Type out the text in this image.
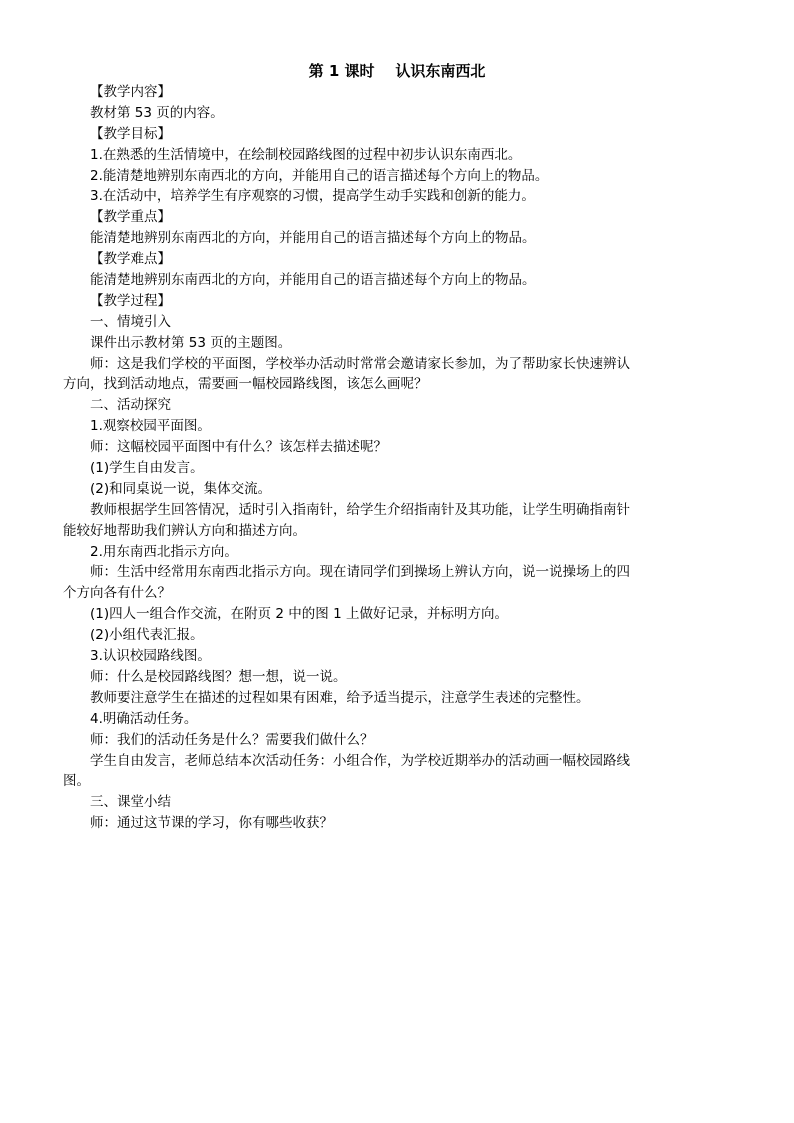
第 1 课时    认识东南西北
【教学内容】
教材第 53 页的内容。
【教学目标】
1.在熟悉的生活情境中，在绘制校园路线图的过程中初步认识东南西北。
2.能清楚地辨别东南西北的方向，并能用自己的语言描述每个方向上的物品。
3.在活动中，培养学生有序观察的习惯，提高学生动手实践和创新的能力。
【教学重点】
能清楚地辨别东南西北的方向，并能用自己的语言描述每个方向上的物品。
【教学难点】
能清楚地辨别东南西北的方向，并能用自己的语言描述每个方向上的物品。
【教学过程】
一、情境引入
课件出示教材第 53 页的主题图。
师：这是我们学校的平面图，学校举办活动时常常会邀请家长参加，为了帮助家长快速辨认
方向，找到活动地点，需要画一幅校园路线图，该怎么画呢？
二、活动探究
1.观察校园平面图。
师：这幅校园平面图中有什么？该怎样去描述呢？
(1)学生自由发言。
(2)和同桌说一说，集体交流。
教师根据学生回答情况，适时引入指南针，给学生介绍指南针及其功能，让学生明确指南针
能较好地帮助我们辨认方向和描述方向。
2.用东南西北指示方向。
师：生活中经常用东南西北指示方向。现在请同学们到操场上辨认方向，说一说操场上的四
个方向各有什么？
(1)四人一组合作交流，在附页 2 中的图 1 上做好记录，并标明方向。
(2)小组代表汇报。
3.认识校园路线图。
师：什么是校园路线图？想一想，说一说。
教师要注意学生在描述的过程如果有困难，给予适当提示，注意学生表述的完整性。
4.明确活动任务。
师：我们的活动任务是什么？需要我们做什么？
学生自由发言，老师总结本次活动任务：小组合作，为学校近期举办的活动画一幅校园路线
图。
三、课堂小结
师：通过这节课的学习，你有哪些收获？
